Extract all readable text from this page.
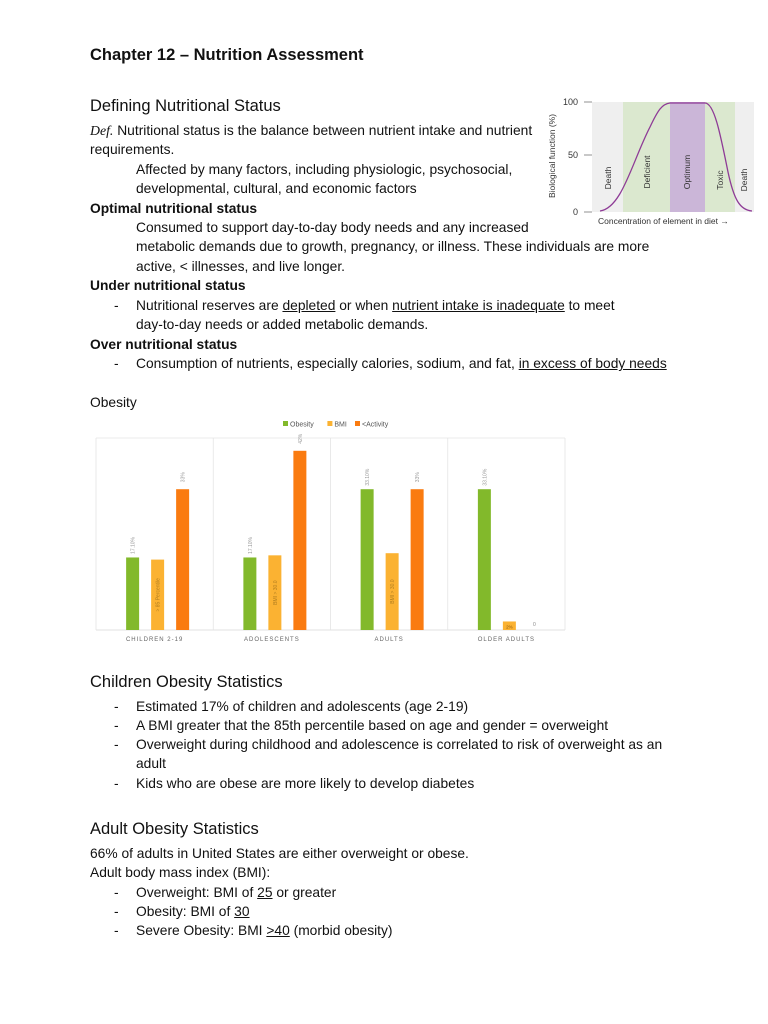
Chapter 12 – Nutrition Assessment
Defining Nutritional Status
Def. Nutritional status is the balance between nutrient intake and nutrient
requirements.
Affected by many factors, including physiologic, psychosocial,
developmental, cultural, and economic factors
Optimal nutritional status
Consumed to support day-to-day body needs and any increased
metabolic demands due to growth, pregnancy, or illness. These individuals are more
active, < illnesses, and live longer.
Under nutritional status
- Nutritional reserves are depleted or when nutrient intake is inadequate to meet
day-to-day needs or added metabolic demands.
Over nutritional status
- Consumption of nutrients, especially calories, sodium, and fat, in excess of body needs
100
50
0
Biological function (%)
Concentration of element in diet →
Death	Deficient	Optimum	Toxic Death
Obesity
Obesity	BMI <Activity
17.10%
> 85 Percentile
33%
CHILDREN 2-19
17.10%
BMI > 30.0
42%
ADOLESCENTS
33.10%
BMI > 30.0
33%
ADULTS
33.10%
2%	0
OLDER ADULTS
Children Obesity Statistics
- Estimated 17% of children and adolescents (age 2-19)
- A BMI greater that the 85th percentile based on age and gender = overweight
- Overweight during childhood and adolescence is correlated to risk of overweight as an
adult
- Kids who are obese are more likely to develop diabetes
Adult Obesity Statistics
66% of adults in United States are either overweight or obese.
Adult body mass index (BMI):
- Overweight: BMI of 25 or greater
- Obesity: BMI of 30
- Severe Obesity: BMI >40 (morbid obesity)
